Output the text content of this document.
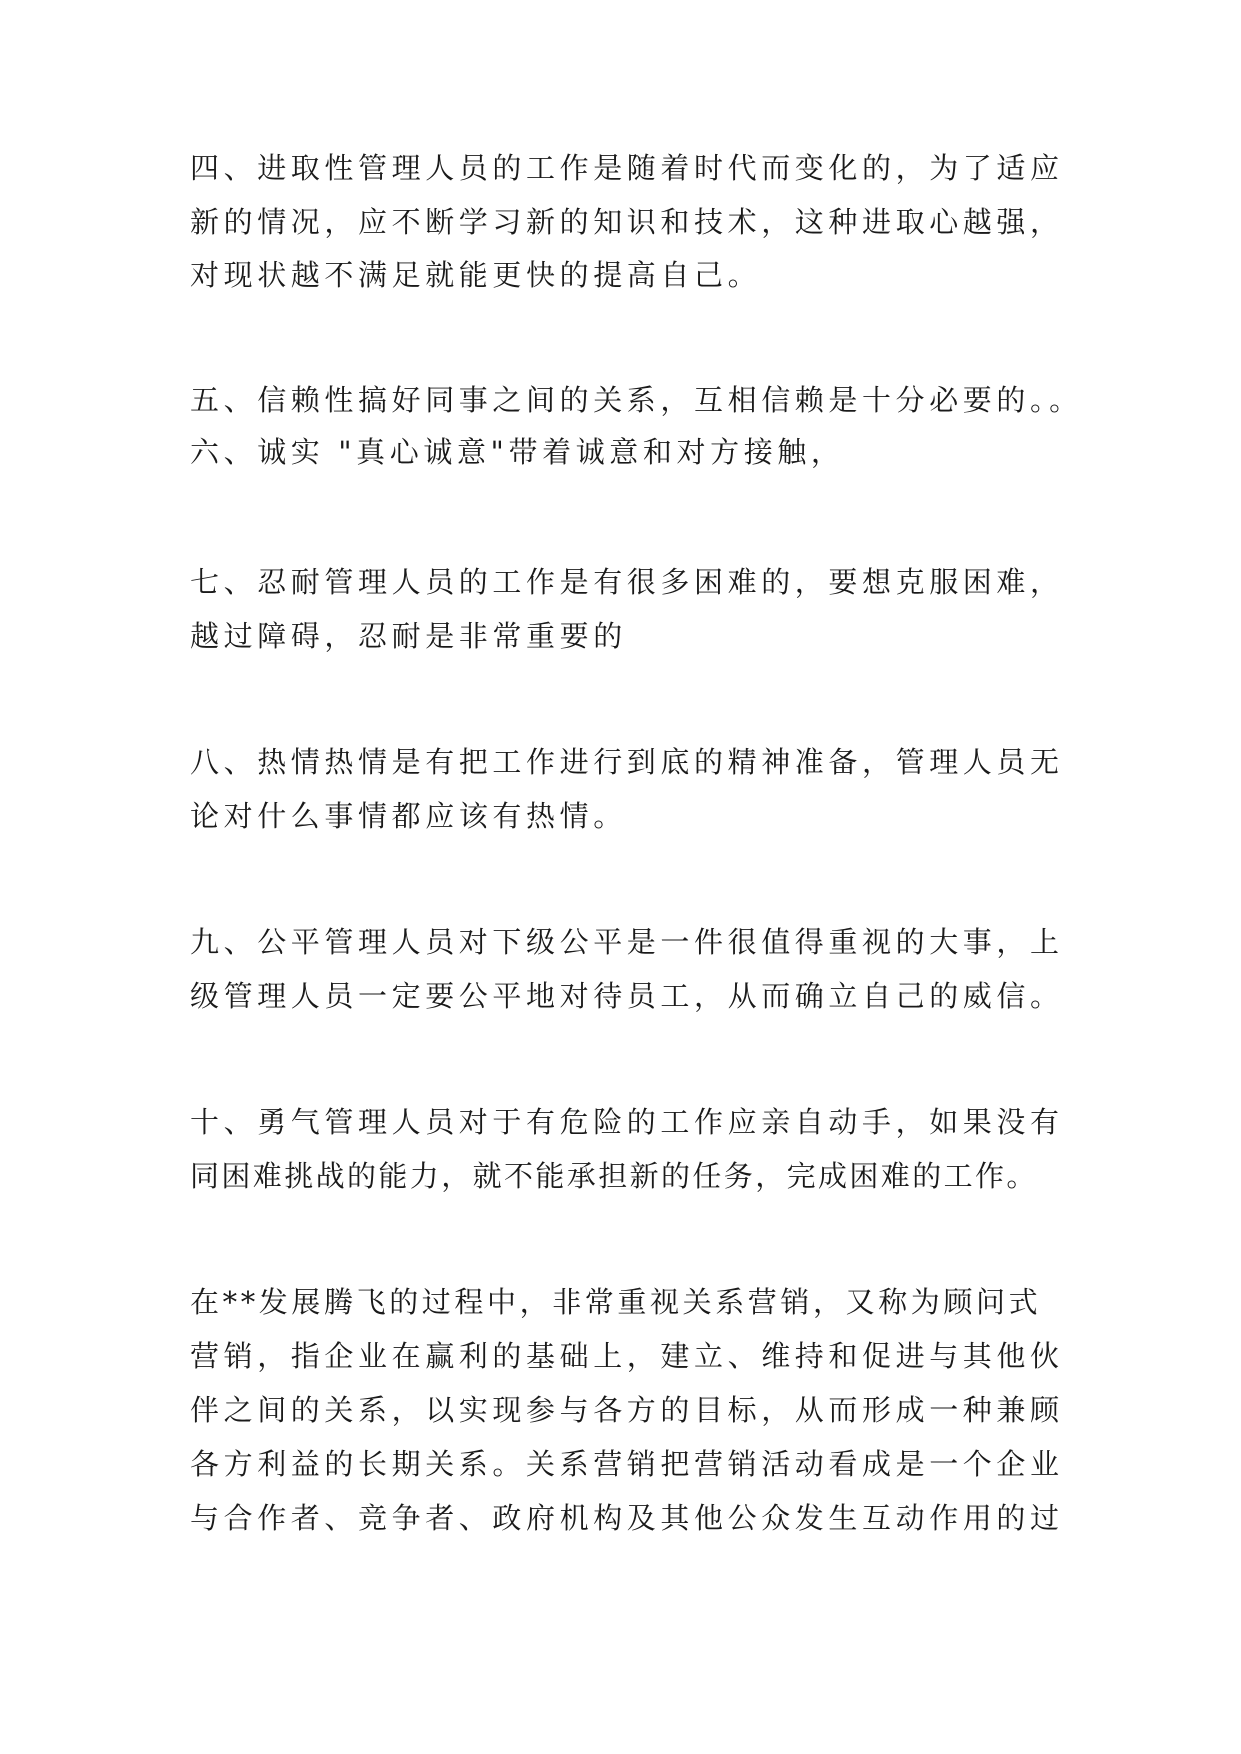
四、进取性管理人员的工作是随着时代而变化的，为了适应
新的情况，应不断学习新的知识和技术，这种进取心越强，
对现状越不满足就能更快的提高自己。
五、信赖性搞好同事之间的关系，互相信赖是十分必要的。。
六、诚实 "真心诚意"带着诚意和对方接触，
七、忍耐管理人员的工作是有很多困难的，要想克服困难，
越过障碍，忍耐是非常重要的
八、热情热情是有把工作进行到底的精神准备，管理人员无
论对什么事情都应该有热情。
九、公平管理人员对下级公平是一件很值得重视的大事，上
级管理人员一定要公平地对待员工，从而确立自己的威信。
十、勇气管理人员对于有危险的工作应亲自动手，如果没有
同困难挑战的能力，就不能承担新的任务，完成困难的工作。
在**发展腾飞的过程中，非常重视关系营销，又称为顾问式
营销，指企业在赢利的基础上，建立、维持和促进与其他伙
伴之间的关系，以实现参与各方的目标，从而形成一种兼顾
各方利益的长期关系。关系营销把营销活动看成是一个企业
与合作者、竞争者、政府机构及其他公众发生互动作用的过
